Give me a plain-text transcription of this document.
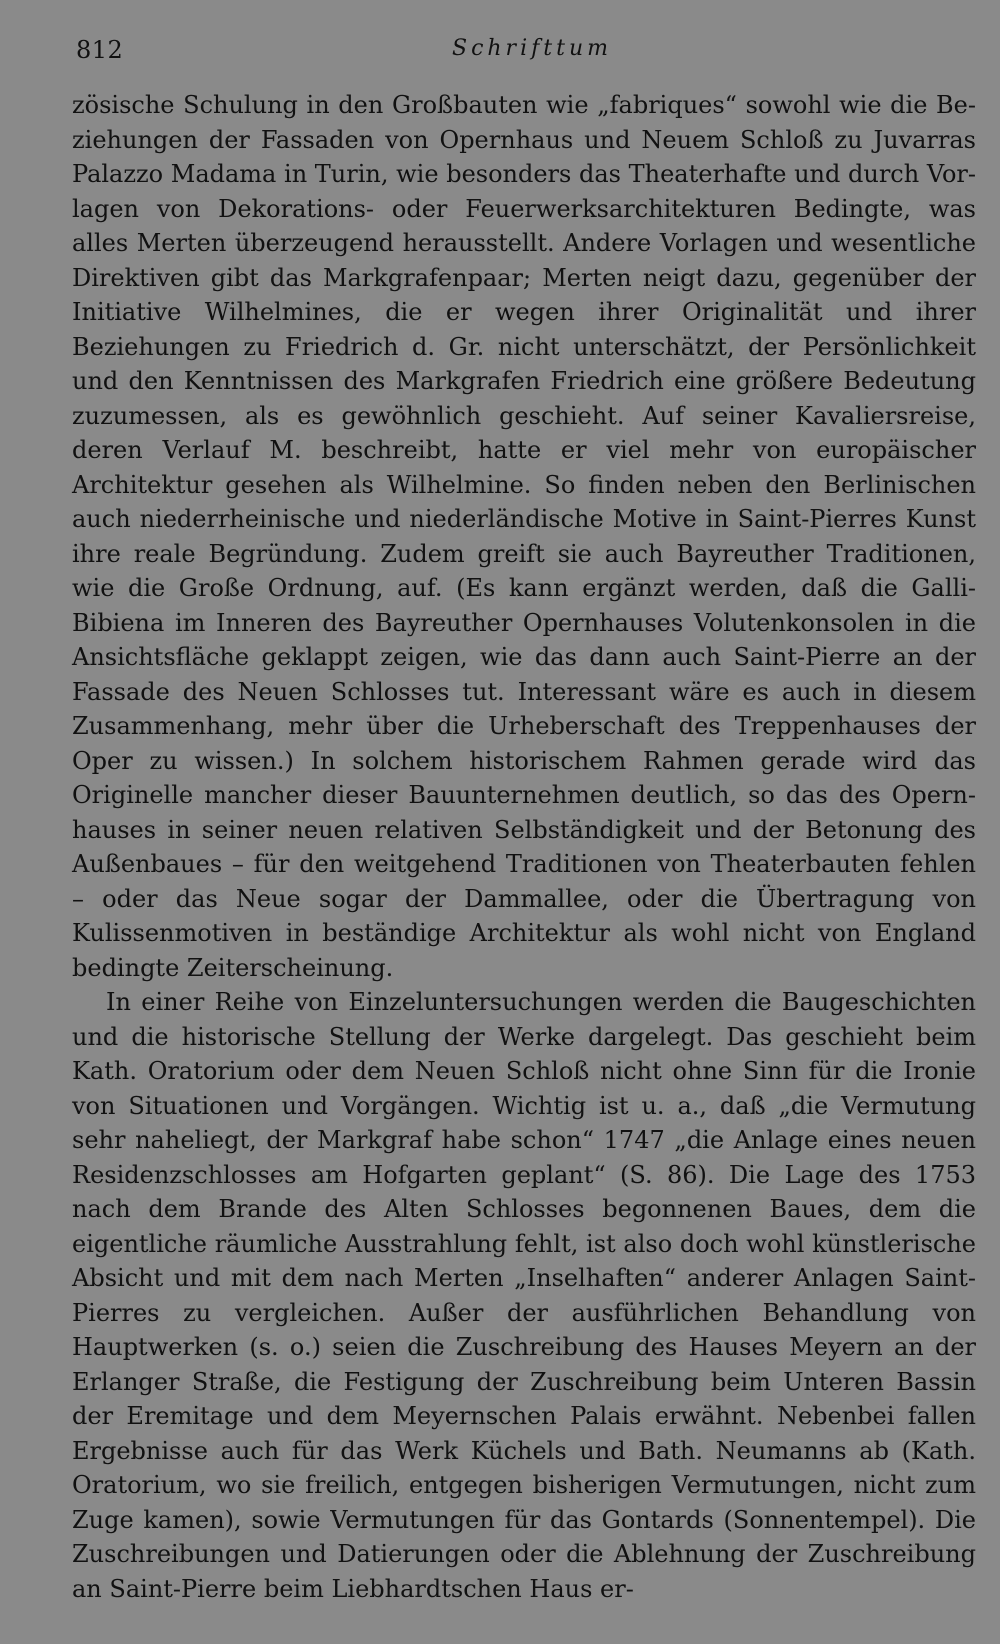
812	Schrifttum

zösische Schulung in den Großbauten wie „fabriques“ sowohl wie die Beziehungen der Fassaden von Opernhaus und Neuem Schloß zu Juvarras Palazzo Madama in Turin, wie besonders das Theaterhafte und durch Vorlagen von Dekorations- oder Feuerwerksarchitekturen Bedingte, was alles Merten überzeugend herausstellt. Andere Vorlagen und wesentliche Direktiven gibt das Markgrafenpaar; Merten neigt dazu, gegenüber der Initiative Wilhelmines, die er wegen ihrer Originalität und ihrer Beziehungen zu Friedrich d. Gr. nicht unterschätzt, der Persönlichkeit und den Kenntnissen des Markgrafen Friedrich eine größere Bedeutung zuzumessen, als es gewöhnlich geschieht. Auf seiner Kavaliersreise, deren Verlauf M. beschreibt, hatte er viel mehr von europäischer Architektur gesehen als Wilhelmine. So finden neben den Berlinischen auch niederrheinische und niederländische Motive in Saint-Pierres Kunst ihre reale Begründung. Zudem greift sie auch Bayreuther Traditionen, wie die Große Ordnung, auf. (Es kann ergänzt werden, daß die Galli-Bibiena im Inneren des Bayreuther Opernhauses Volutenkonsolen in die Ansichtsfläche geklappt zeigen, wie das dann auch Saint-Pierre an der Fassade des Neuen Schlosses tut. Interessant wäre es auch in diesem Zusammenhang, mehr über die Urheberschaft des Treppenhauses der Oper zu wissen.) In solchem historischem Rahmen gerade wird das Originelle mancher dieser Bauunternehmen deutlich, so das des Opernhauses in seiner neuen relativen Selbständigkeit und der Betonung des Außenbaues – für den weitgehend Traditionen von Theaterbauten fehlen – oder das Neue sogar der Dammallee, oder die Übertragung von Kulissenmotiven in beständige Architektur als wohl nicht von England bedingte Zeiterscheinung.

In einer Reihe von Einzeluntersuchungen werden die Baugeschichten und die historische Stellung der Werke dargelegt. Das geschieht beim Kath. Oratorium oder dem Neuen Schloß nicht ohne Sinn für die Ironie von Situationen und Vorgängen. Wichtig ist u. a., daß „die Vermutung sehr naheliegt, der Markgraf habe schon“ 1747 „die Anlage eines neuen Residenzschlosses am Hofgarten geplant“ (S. 86). Die Lage des 1753 nach dem Brande des Alten Schlosses begonnenen Baues, dem die eigentliche räumliche Ausstrahlung fehlt, ist also doch wohl künstlerische Absicht und mit dem nach Merten „Inselhaften“ anderer Anlagen Saint-Pierres zu vergleichen. Außer der ausführlichen Behandlung von Hauptwerken (s. o.) seien die Zuschreibung des Hauses Meyern an der Erlanger Straße, die Festigung der Zuschreibung beim Unteren Bassin der Eremitage und dem Meyernschen Palais erwähnt. Nebenbei fallen Ergebnisse auch für das Werk Küchels und Bath. Neumanns ab (Kath. Oratorium, wo sie freilich, entgegen bisherigen Vermutungen, nicht zum Zuge kamen), sowie Vermutungen für das Gontards (Sonnentempel). Die Zuschreibungen und Datierungen oder die Ablehnung der Zuschreibung an Saint-Pierre beim Liebhardtschen Haus er-
